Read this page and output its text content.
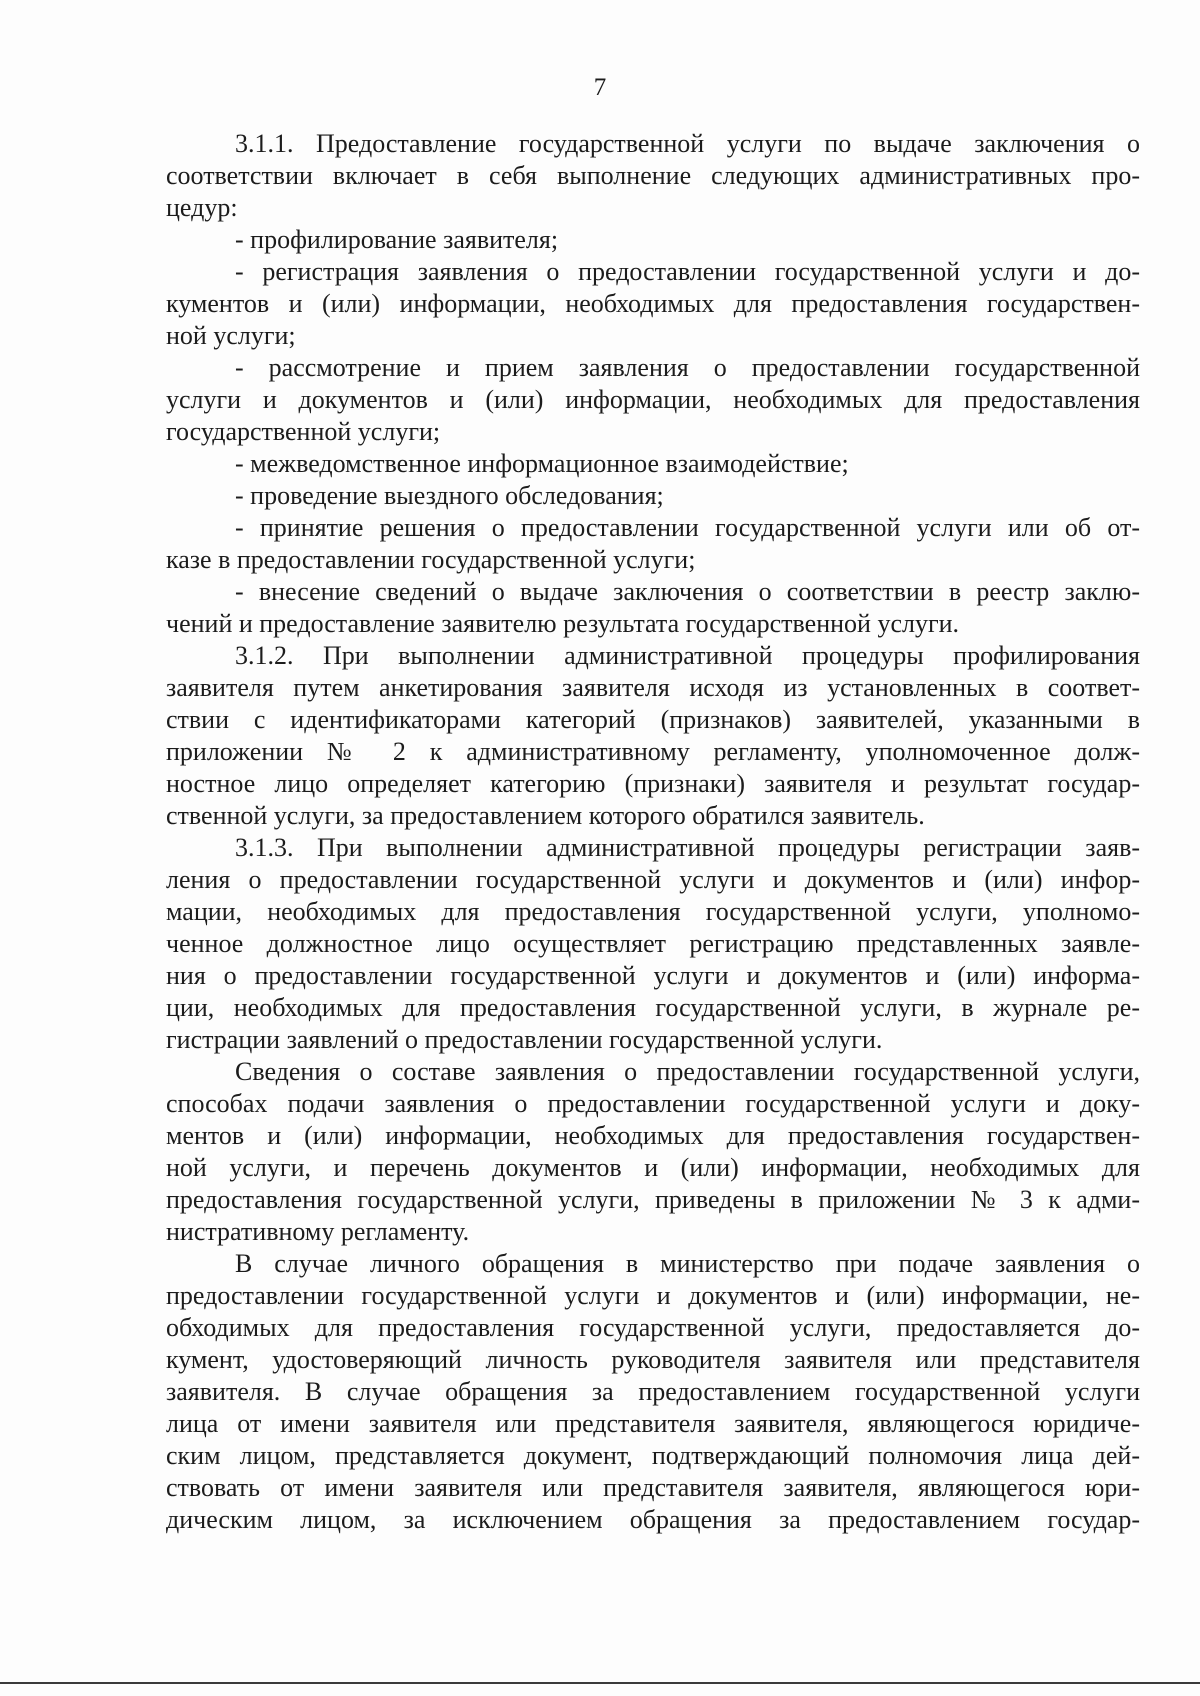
7
3.1.1. Предоставление государственной услуги по выдаче заключения о
соответствии включает в себя выполнение следующих административных про-
цедур:
- профилирование заявителя;
- регистрация заявления о предоставлении государственной услуги и до-
кументов и (или) информации, необходимых для предоставления государствен-
ной услуги;
- рассмотрение и прием заявления о предоставлении государственной
услуги и документов и (или) информации, необходимых для предоставления
государственной услуги;
- межведомственное информационное взаимодействие;
- проведение выездного обследования;
- принятие решения о предоставлении государственной услуги или об от-
казе в предоставлении государственной услуги;
- внесение сведений о выдаче заключения о соответствии в реестр заклю-
чений и предоставление заявителю результата государственной услуги.
3.1.2. При выполнении административной процедуры профилирования
заявителя путем анкетирования заявителя исходя из установленных в соответ-
ствии с идентификаторами категорий (признаков) заявителей, указанными в
приложении № 2 к административному регламенту, уполномоченное долж-
ностное лицо определяет категорию (признаки) заявителя и результат государ-
ственной услуги, за предоставлением которого обратился заявитель.
3.1.3. При выполнении административной процедуры регистрации заяв-
ления о предоставлении государственной услуги и документов и (или) инфор-
мации, необходимых для предоставления государственной услуги, уполномо-
ченное должностное лицо осуществляет регистрацию представленных заявле-
ния о предоставлении государственной услуги и документов и (или) информа-
ции, необходимых для предоставления государственной услуги, в журнале ре-
гистрации заявлений о предоставлении государственной услуги.
Сведения о составе заявления о предоставлении государственной услуги,
способах подачи заявления о предоставлении государственной услуги и доку-
ментов и (или) информации, необходимых для предоставления государствен-
ной услуги, и перечень документов и (или) информации, необходимых для
предоставления государственной услуги, приведены в приложении № 3 к адми-
нистративному регламенту.
В случае личного обращения в министерство при подаче заявления о
предоставлении государственной услуги и документов и (или) информации, не-
обходимых для предоставления государственной услуги, предоставляется до-
кумент, удостоверяющий личность руководителя заявителя или представителя
заявителя. В случае обращения за предоставлением государственной услуги
лица от имени заявителя или представителя заявителя, являющегося юридиче-
ским лицом, представляется документ, подтверждающий полномочия лица дей-
ствовать от имени заявителя или представителя заявителя, являющегося юри-
дическим лицом, за исключением обращения за предоставлением государ-
